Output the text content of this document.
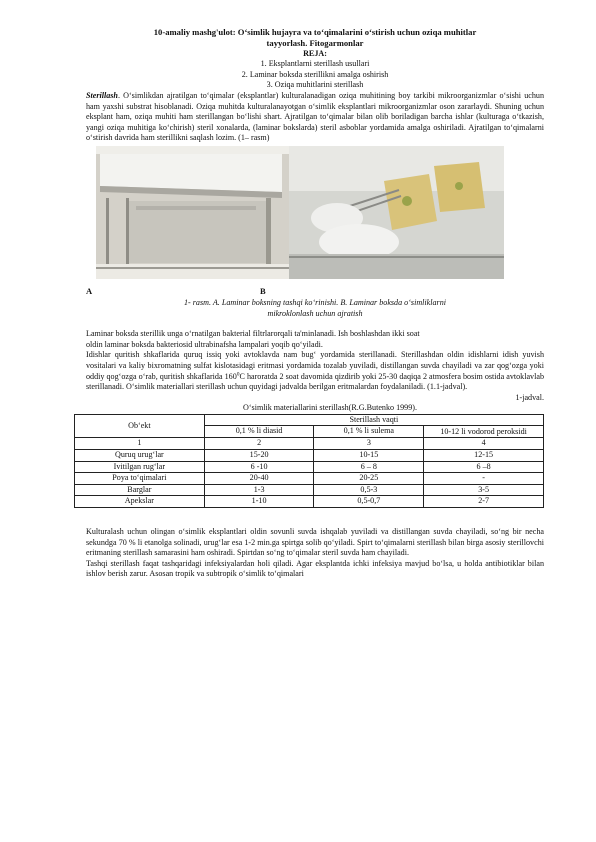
10-amaliy mashg'ulot: O‘simlik hujayra va to‘qimalarini o‘stirish uchun oziqa muhitlar
tayyorlash. Fitogarmonlar
REJA:
1. Eksplantlarni sterillash usullari
2. Laminar boksda sterillikni amalga oshirish
3. Oziqa muhitlarini sterillash

Sterillash. O‘simlikdan ajratilgan to‘qimalar (eksplantlar) kulturalanadigan oziqa muhitining boy tarkibi mikroorganizmlar o‘sishi uchun ham yaxshi substrat hisoblanadi. Oziqa muhitda kulturalanayotgan o‘simlik eksplantlari mikroorganizmlar oson zararlaydi. Shuning uchun eksplant ham, oziqa muhiti ham sterillangan bo‘lishi shart. Ajratilgan to‘qimalar bilan olib boriladigan barcha ishlar (kulturaga o‘tkazish, yangi oziqa muhitiga ko‘chirish) steril xonalarda, (laminar bokslarda) steril asboblar yordamida amalga oshiriladi. Ajratilgan to‘qimalarni o‘stirish davrida ham sterillikni saqlash lozim. (1– rasm)

A	B
1- rasm. A. Laminar boksning tashqi ko‘rinishi. B. Laminar boksda o‘simliklarni
mikroklonlash uchun ajratish
Laminar boksda sterillik unga o‘rnatilgan bakterial filtrlarorqali ta'minlanadi. Ish boshlashdan ikki soat
oldin laminar boksda bakteriosid ultrabinafsha lampalari yoqib qo‘yiladi.

Idishlar quritish shkaflarida quruq issiq yoki avtoklavda nam bug‘ yordamida sterillanadi. Sterillashdan oldin idishlarni idish yuvish vositalari va kaliy bixromatning sulfat kislotasidagi eritmasi yordamida tozalab yuviladi, distillangan suvda chayiladi va zar qog‘ozga yoki oddiy qog‘ozga o‘rab, quritish shkaflarida $160^0C$ haroratda 2 soat davomida qizdirib yoki 25-30 daqiqa 2 atmosfera bosim ostida avtoklavlab sterillanadi. O‘simlik materiallari sterillash uchun quyidagi jadvalda berilgan eritmalardan foydalaniladi. (1.1-jadval).

1-jadval.
O‘simlik materiallarini sterillash(R.G.Butenko 1999).
Ob‘ekt	Sterillash vaqti		
	0,1 % li diasid	0,1 % li sulema	10-12 li vodorod peroksidi
1	2	3	4
Quruq urug‘lar	15-20	10-15	12-15
Ivitilgan rug‘lar	6 -10	6 – 8	6 –8
Poya to‘qimalari	20-40	20-25	-
Barglar	1-3	0,5-3	3-5
Apekslar	1-10	0,5-0,7	2-7

Kulturalash uchun olingan o‘simlik eksplantlari oldin sovunli suvda ishqalab yuviladi va distillangan suvda chayiladi, so‘ng bir necha sekundga 70 % li etanolga solinadi, urug‘lar esa 1-2 min.ga spirtga solib qo‘yiladi. Spirt to‘qimalarni sterillash bilan birga asosiy sterillovchi eritmaning sterillash samarasini ham oshiradi. Spirtdan so‘ng to‘qimalar steril suvda ham chayiladi.

Tashqi sterillash faqat tashqaridagi infeksiyalardan holi qiladi. Agar eksplantda ichki infeksiya mavjud bo‘lsa, u holda antibiotiklar bilan ishlov berish zarur. Asosan tropik va subtropik o‘simlik to‘qimalari
